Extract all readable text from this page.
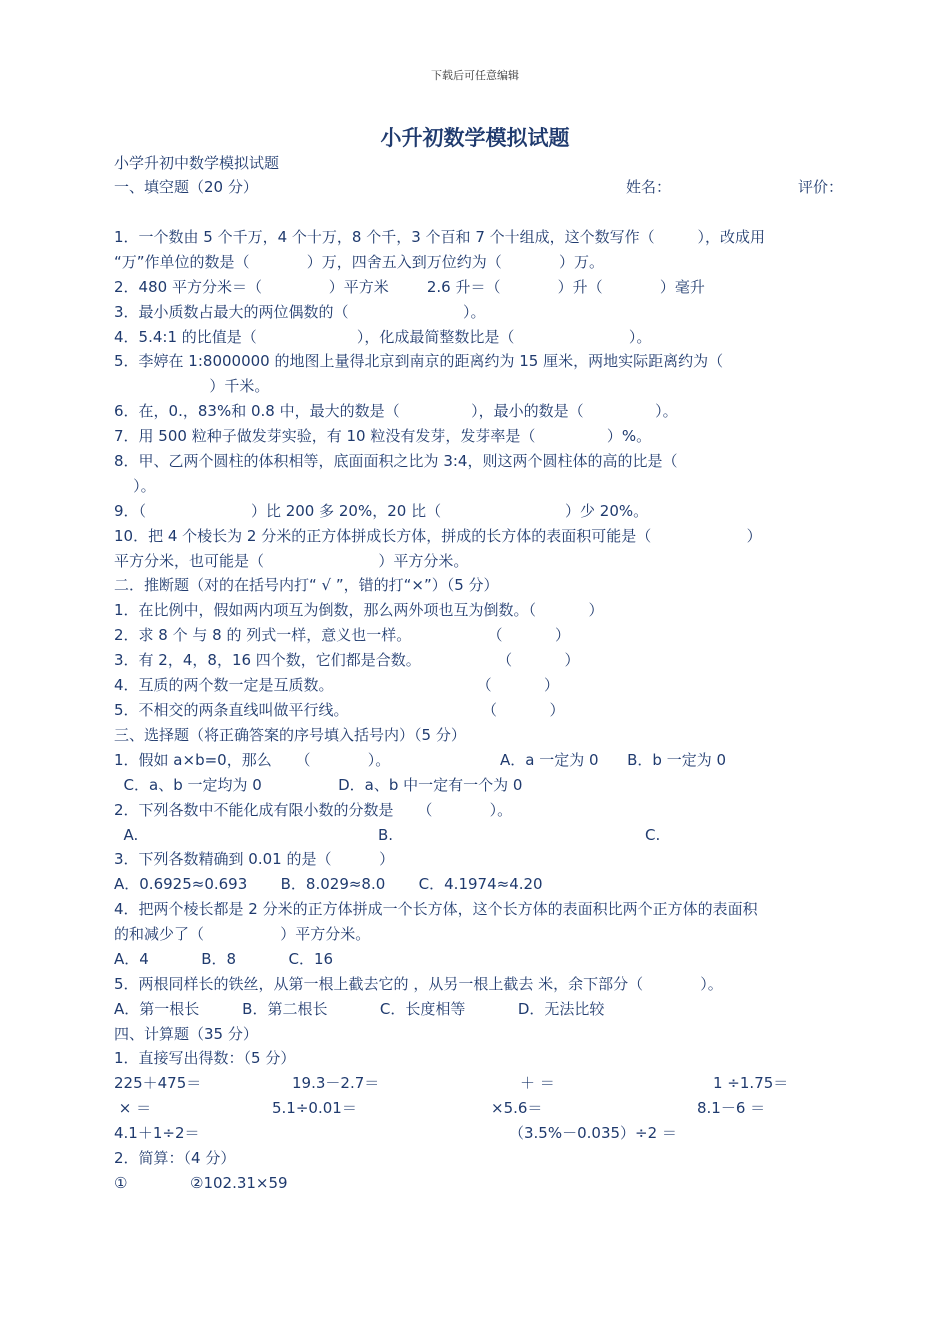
下载后可任意编辑
小升初数学模拟试题
小学升初中数学模拟试题
一、填空题（20 分）	姓名：	评价：
1．一个数由 5 个千万，4 个十万，8 个千，3 个百和 7 个十组成，这个数写作（         ），改成用
“万”作单位的数是（            ）万，四舍五入到万位约为（            ）万。
2．480 平方分米＝（              ）平方米        2.6 升＝（            ）升（            ）毫升
3．最小质数占最大的两位偶数的（                        ）。
4．5.4:1 的比值是（                     ），化成最简整数比是（                        ）。
5．李婷在 1:8000000 的地图上量得北京到南京的距离约为 15 厘米，两地实际距离约为（
）千米。
6．在，0.，83%和 0.8 中，最大的数是（               ），最小的数是（               ）。
7．用 500 粒种子做发芽实验，有 10 粒没有发芽，发芽率是（               ）%。
8．甲、乙两个圆柱的体积相等，底面面积之比为 3:4，则这两个圆柱体的高的比是（
）。
9．（                      ）比 200 多 20%，20 比（                          ）少 20%。
10．把 4 个棱长为 2 分米的正方体拼成长方体，拼成的长方体的表面积可能是（                    ）
平方分米，也可能是（                        ）平方分米。
二．推断题（对的在括号内打“ √ ”，错的打“×”）（5 分）
1．在比例中，假如两内项互为倒数，那么两外项也互为倒数。（           ）
2．求 8 个 与 8 的 列式一样，意义也一样。                （           ）
3．有 2，4，8，16 四个数，它们都是合数。                （           ）
4．互质的两个数一定是互质数。                              （           ）
5．不相交的两条直线叫做平行线。                            （           ）
三、选择题（将正确答案的序号填入括号内）（5 分）
1．假如 a×b=0，那么     （            ）。	A．a 一定为 0      B．b 一定为 0
C．a、b 一定均为 0                D．a、b 中一定有一个为 0
2．下列各数中不能化成有限小数的分数是     （            ）。
A.	B.	C.
3．下列各数精确到 0.01 的是（          ）
A．0.6925≈0.693       B．8.029≈8.0       C．4.1974≈4.20
4．把两个棱长都是 2 分米的正方体拼成一个长方体，这个长方体的表面积比两个正方体的表面积
的和减少了（                ）平方分米。
A．4           B．8           C．16
5．两根同样长的铁丝，从第一根上截去它的 ，从另一根上截去 米，余下部分（            ）。
A．第一根长         B．第二根长           C．长度相等           D．无法比较
四、计算题（35 分）
1．直接写出得数：（5 分）
225＋475＝	19.3－2.7＝	＋ ＝	1 ÷1.75＝
× ＝	5.1÷0.01＝	×5.6＝	8.1－6 ＝
4.1＋1÷2＝	（3.5%－0.035）÷2 ＝
2．简算：（4 分）
①	②102.31×59
